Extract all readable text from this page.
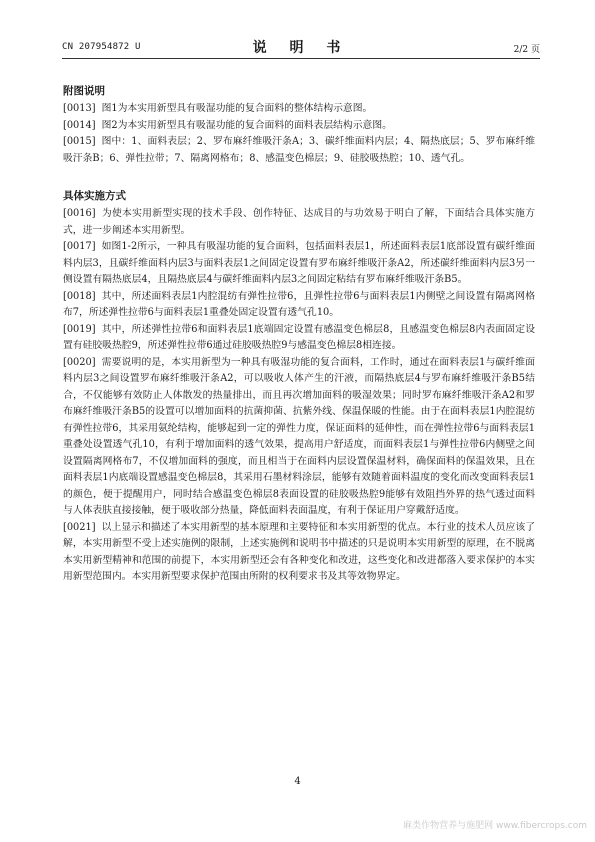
CN 207954872 U	说 明 书	2/2 页
附图说明

[0013] 图1为本实用新型具有吸湿功能的复合面料的整体结构示意图。

[0014] 图2为本实用新型具有吸湿功能的复合面料的面料表层结构示意图。

[0015] 图中：1、面料表层；2、罗布麻纤维吸汗条A；3、碳纤维面料内层；4、隔热底层；5、罗布麻纤维吸汗条B；6、弹性拉带；7、隔离网格布；8、感温变色棉层；9、硅胶吸热腔；10、透气孔。

具体实施方式

[0016] 为使本实用新型实现的技术手段、创作特征、达成目的与功效易于明白了解，下面结合具体实施方式，进一步阐述本实用新型。

[0017] 如图1-2所示，一种具有吸湿功能的复合面料，包括面料表层1，所述面料表层1底部设置有碳纤维面料内层3，且碳纤维面料内层3与面料表层1之间固定设置有罗布麻纤维吸汗条A2，所述碳纤维面料内层3另一侧设置有隔热底层4，且隔热底层4与碳纤维面料内层3之间固定粘结有罗布麻纤维吸汗条B5。

[0018] 其中，所述面料表层1内腔混纺有弹性拉带6，且弹性拉带6与面料表层1内侧壁之间设置有隔离网格布7，所述弹性拉带6与面料表层1重叠处固定设置有透气孔10。

[0019] 其中，所述弹性拉带6和面料表层1底端固定设置有感温变色棉层8，且感温变色棉层8内表面固定设置有硅胶吸热腔9，所述弹性拉带6通过硅胶吸热腔9与感温变色棉层8相连接。

[0020] 需要说明的是，本实用新型为一种具有吸湿功能的复合面料，工作时，通过在面料表层1与碳纤维面料内层3之间设置罗布麻纤维吸汗条A2，可以吸收人体产生的汗液，而隔热底层4与罗布麻纤维吸汗条B5结合，不仅能够有效防止人体散发的热量排出，而且再次增加面料的吸湿效果；同时罗布麻纤维吸汗条A2和罗布麻纤维吸汗条B5的设置可以增加面料的抗菌抑菌、抗紫外线、保温保暖的性能。由于在面料表层1内腔混纺有弹性拉带6，其采用氨纶结构，能够起到一定的弹性力度，保证面料的延伸性，而在弹性拉带6与面料表层1重叠处设置透气孔10，有利于增加面料的透气效果，提高用户舒适度，而面料表层1与弹性拉带6内侧壁之间设置隔离网格布7，不仅增加面料的强度，而且相当于在面料内层设置保温材料，确保面料的保温效果，且在面料表层1内底端设置感温变色棉层8，其采用石墨材料涂层，能够有效随着面料温度的变化而改变面料表层1的颜色，便于提醒用户，同时结合感温变色棉层8表面设置的硅胶吸热腔9能够有效阻挡外界的热气透过面料与人体表肤直接接触，便于吸收部分热量，降低面料表面温度，有利于保证用户穿戴舒适度。

[0021] 以上显示和描述了本实用新型的基本原理和主要特征和本实用新型的优点。本行业的技术人员应该了解，本实用新型不受上述实施例的限制，上述实施例和说明书中描述的只是说明本实用新型的原理，在不脱离本实用新型精神和范围的前提下，本实用新型还会有各种变化和改进，这些变化和改进都落入要求保护的本实用新型范围内。本实用新型要求保护范围由所附的权利要求书及其等效物界定。

4
麻类作物营养与施肥网 www.fibercrops.com
